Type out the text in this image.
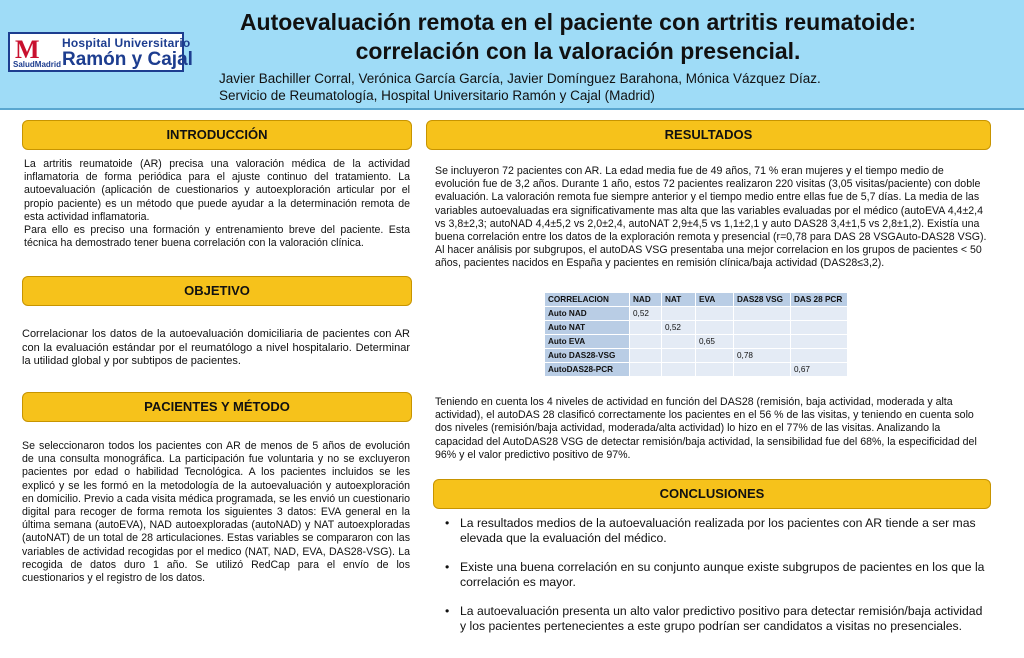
M
SaludMadrid
Hospital Universitario
Ramón y Cajal
Autoevaluación remota en el paciente con artritis reumatoide:
correlación con la valoración presencial.
Javier Bachiller Corral, Verónica García García, Javier Domínguez Barahona, Mónica Vázquez Díaz.
Servicio de Reumatología, Hospital Universitario Ramón y Cajal (Madrid)
INTRODUCCIÓN

La artritis reumatoide (AR) precisa una valoración médica de la actividad inflamatoria de forma periódica para el ajuste continuo del tratamiento. La autoevaluación (aplicación de cuestionarios y autoexploración articular por el propio paciente) es un método que puede ayudar a la determinación remota de esta actividad inflamatoria.

Para ello es preciso una formación y entrenamiento breve del paciente. Esta técnica ha demostrado tener buena correlación con la valoración clínica.

OBJETIVO
Correlacionar los datos de la autoevaluación domiciliaria de pacientes con AR con la evaluación estándar por el reumatólogo a nivel hospitalario. Determinar la utilidad global y por subtipos de pacientes.
PACIENTES Y MÉTODO
Se seleccionaron todos los pacientes con AR de menos de 5 años de evolución de una consulta monográfica. La participación fue voluntaria y no se excluyeron pacientes por edad o habilidad Tecnológica. A los pacientes incluidos se les explicó y se les formó en la metodología de la autoevaluación y autoexploración en domicilio. Previo a cada visita médica programada, se les envió un cuestionario digital para recoger de forma remota los siguientes 3 datos: EVA general en la última semana (autoEVA), NAD autoexploradas (autoNAD) y NAT autoexploradas (autoNAT) de un total de 28 articulaciones. Estas variables se compararon con las variables de actividad recogidas por el medico (NAT, NAD, EVA, DAS28-VSG). La recogida de datos duro 1 año. Se utilizó RedCap para el envío de los cuestionarios y el registro de los datos.
RESULTADOS
Se incluyeron 72 pacientes con AR. La edad media fue de 49 años, 71 % eran mujeres y el tiempo medio de evolución fue de 3,2 años. Durante 1 año, estos 72 pacientes realizaron 220 visitas (3,05 visitas/paciente) con doble evaluación. La valoración remota fue siempre anterior y el tiempo medio entre ellas fue de 5,7 días. La media de las variables autoevaluadas era significativamente mas alta que las variables evaluadas por el médico (autoEVA 4,4±2,4 vs 3,8±2,3; autoNAD 4,4±5,2 vs 2,0±2,4, autoNAT 2,9±4,5 vs 1,1±2,1 y auto DAS28 3,4±1,5 vs 2,8±1,2). Existía una buena correlación entre los datos de la exploración remota y presencial (r=0,78 para DAS 28 VSGAuto-DAS28 VSG). Al hacer análisis por subgrupos, el autoDAS VSG presentaba una mejor correlacion en los grupos de pacientes < 50 años, pacientes nacidos en España y pacientes en remisión clínica/baja actividad (DAS28≤3,2).
CORRELACION	NAD	NAT	EVA	DAS28 VSG	DAS 28 PCR
Auto NAD	0,52				
Auto NAT		0,52			
Auto EVA			0,65		
Auto DAS28-VSG				0,78	
AutoDAS28-PCR					0,67
Teniendo en cuenta los 4 niveles de actividad en función del DAS28 (remisión, baja actividad, moderada y alta actividad), el autoDAS 28 clasificó correctamente los pacientes en el 56 % de las visitas, y teniendo en cuenta solo dos niveles (remisión/baja actividad, moderada/alta actividad) lo hizo en el 77% de las visitas. Analizando la capacidad del AutoDAS28 VSG de detectar remisión/baja actividad, la sensibilidad fue del 68%, la especificidad del 96% y el valor predictivo positivo de 97%.
CONCLUSIONES
• La resultados medios de la autoevaluación realizada por los pacientes con AR tiende a ser mas elevada que la evaluación del médico.
• Existe una buena correlación en su conjunto aunque existe subgrupos de pacientes en los que la correlación es mayor.
• La autoevaluación presenta un alto valor predictivo positivo para detectar remisión/baja actividad y los pacientes pertenecientes a este grupo podrían ser candidatos a visitas no presenciales.
